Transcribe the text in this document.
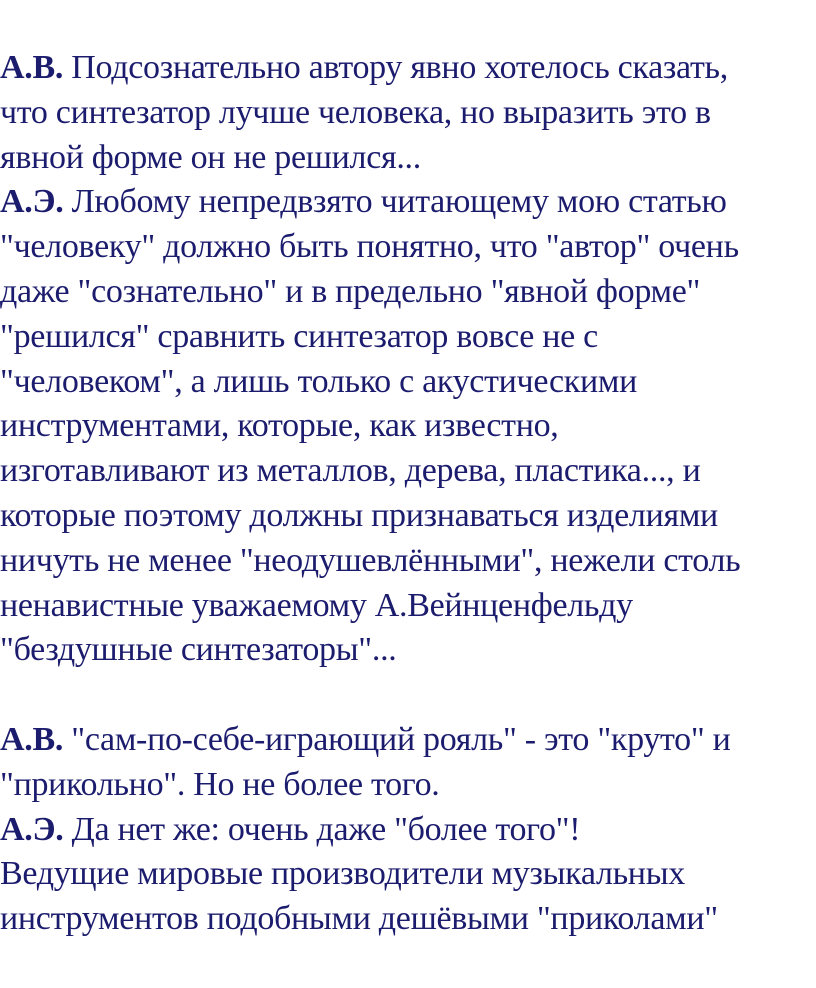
А.В. Подсознательно автору явно хотелось сказать,
что синтезатор лучше человека, но выразить это в
явной форме он не решился...

А.Э. Любому непредвзято читающему мою статью
"человеку" должно быть понятно, что "автор" очень
даже "сознательно" и в предельно "явной форме"
"решился" сравнить синтезатор вовсе не с
"человеком", а лишь только с акустическими
инструментами, которые, как известно,
изготавливают из металлов, дерева, пластика..., и
которые поэтому должны признаваться изделиями
ничуть не менее "неодушевлёнными", нежели столь
ненавистные уважаемому А.Вейнценфельду
"бездушные синтезаторы"...

А.В. "сам-по-себе-играющий рояль" - это "круто" и
"прикольно". Но не более того.

А.Э. Да нет же: очень даже "более того"!
Ведущие мировые производители музыкальных
инструментов подобными дешёвыми "приколами"
